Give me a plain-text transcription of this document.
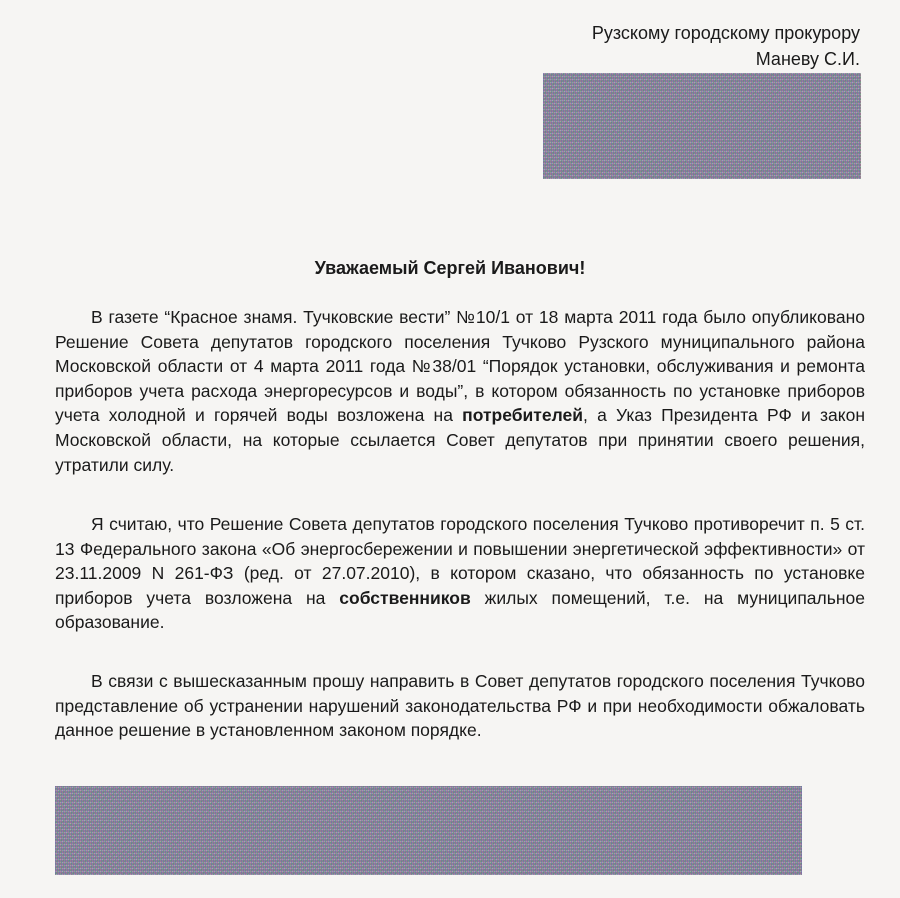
Рузскому городскому прокурору
Маневу С.И.
Уважаемый Сергей Иванович!

В газете “Красное знамя. Тучковские вести” №10/1 от 18 марта 2011 года было опубликовано Решение Совета депутатов городского поселения Тучково Рузского муниципального района Московской области от 4 марта 2011 года №38/01 “Порядок установки, обслуживания и ремонта приборов учета расхода энергоресурсов и воды”, в котором обязанность по установке приборов учета холодной и горячей воды возложена на потребителей, а Указ Президента РФ и закон Московской области, на которые ссылается Совет депутатов при принятии своего решения, утратили силу.

Я считаю, что Решение Совета депутатов городского поселения Тучково противоречит п. 5 ст. 13 Федерального закона «Об энергосбережении и повышении энергетической эффективности» от 23.11.2009 N 261-ФЗ (ред. от 27.07.2010), в котором сказано, что обязанность по установке приборов учета возложена на собственников жилых помещений, т.е. на муниципальное образование.

В связи с вышесказанным прошу направить в Совет депутатов городского поселения Тучково представление об устранении нарушений законодательства РФ и при необходимости обжаловать данное решение в установленном законом порядке.
